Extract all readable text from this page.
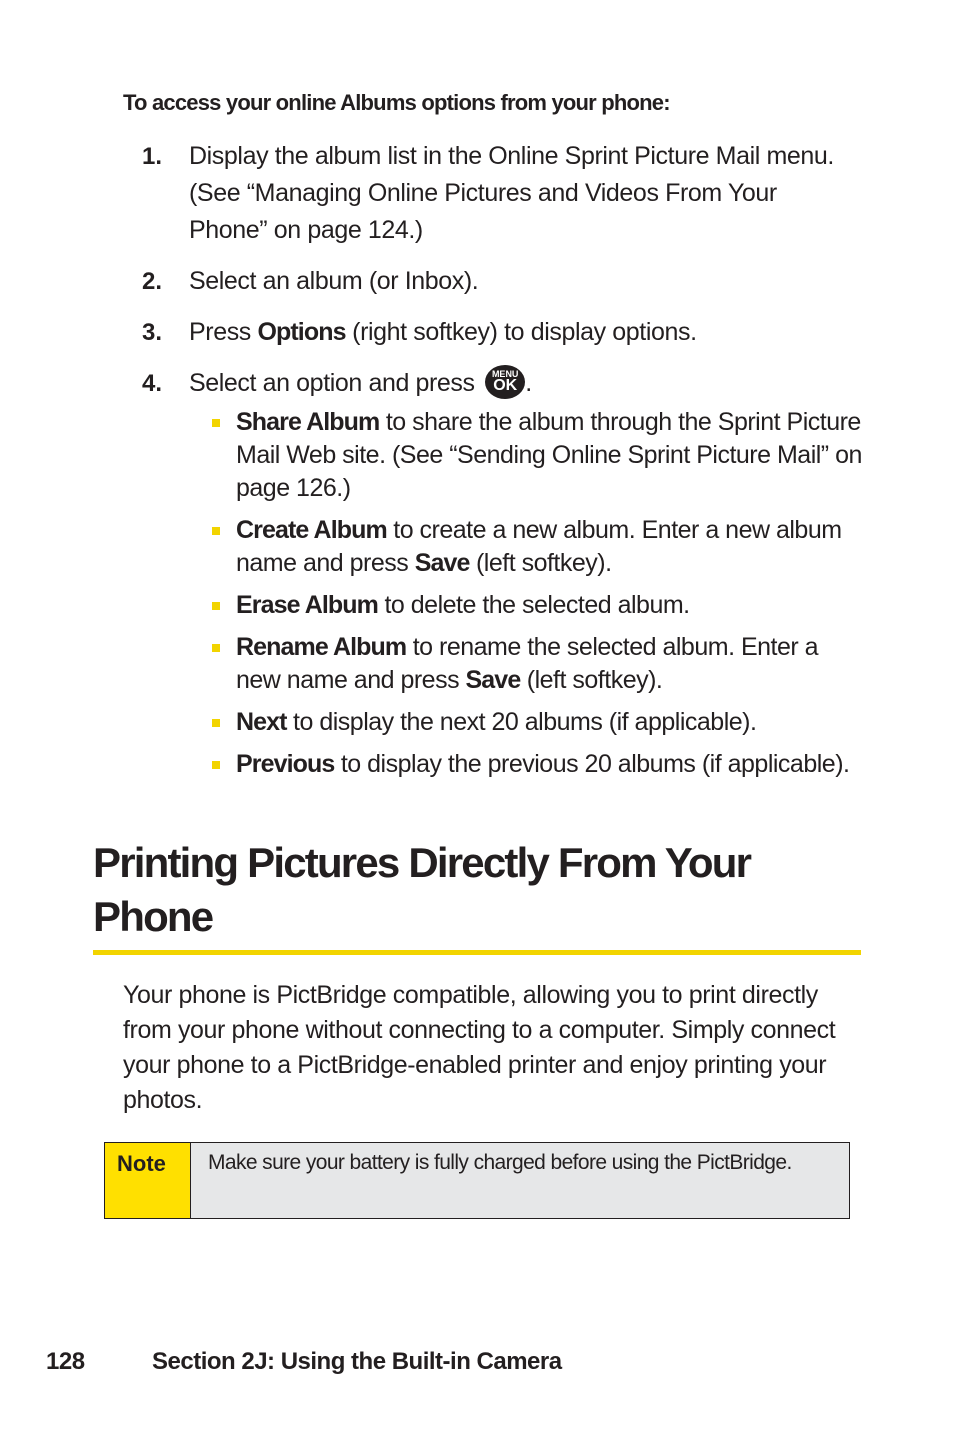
To access your online Albums options from your phone:

1. Display the album list in the Online Sprint Picture Mail menu. (See “Managing Online Pictures and Videos From Your Phone” on page 124.)
2. Select an album (or Inbox).
3. Press Options (right softkey) to display options.
4. Select an option and press	MENU
OK .
Share Album to share the album through the Sprint Picture Mail Web site. (See “Sending Online Sprint Picture Mail” on page 126.)
Create Album to create a new album. Enter a new album name and press Save (left softkey).
Erase Album to delete the selected album.
Rename Album to rename the selected album. Enter a new name and press Save (left softkey).
Next to display the next 20 albums (if applicable).
Previous to display the previous 20 albums (if applicable).
Printing Pictures Directly From Your Phone

Your phone is PictBridge compatible, allowing you to print directly from your phone without connecting to a computer. Simply connect your phone to a PictBridge-enabled printer and enjoy printing your photos.

Note	Make sure your battery is fully charged before using the PictBridge.
128	Section 2J: Using the Built-in Camera
